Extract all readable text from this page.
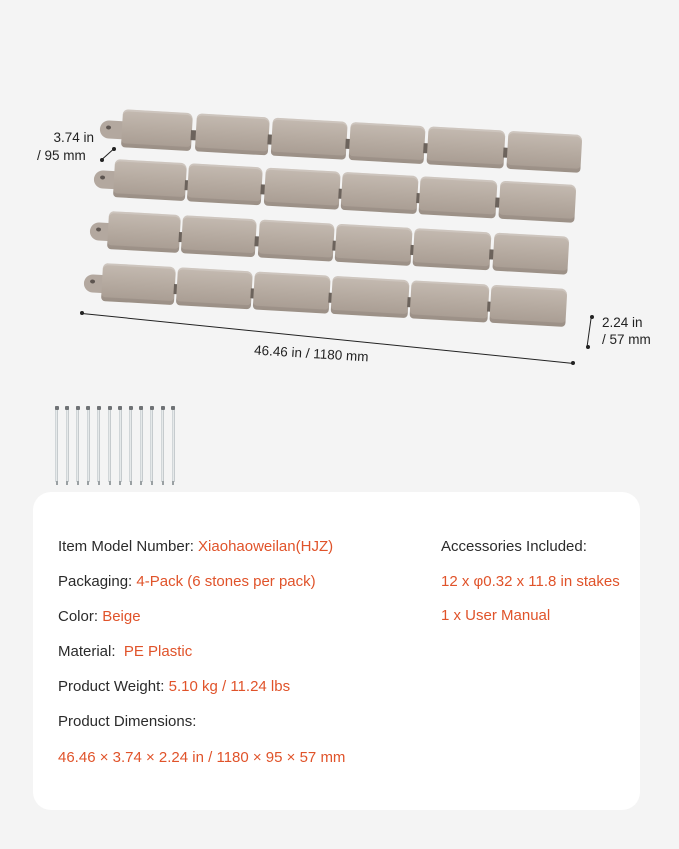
3.74 in
/ 95 mm
46.46 in / 1180 mm
2.24 in
/ 57 mm
Item Model Number: Xiaohaoweilan(HJZ)
Packaging: 4-Pack (6 stones per pack)
Color: Beige
Material:  PE Plastic
Product Weight: 5.10 kg / 11.24 lbs
Product Dimensions:
46.46 × 3.74 × 2.24 in / 1180 × 95 × 57 mm
Accessories Included:
12 x φ0.32 x 11.8 in stakes
1 x User Manual
